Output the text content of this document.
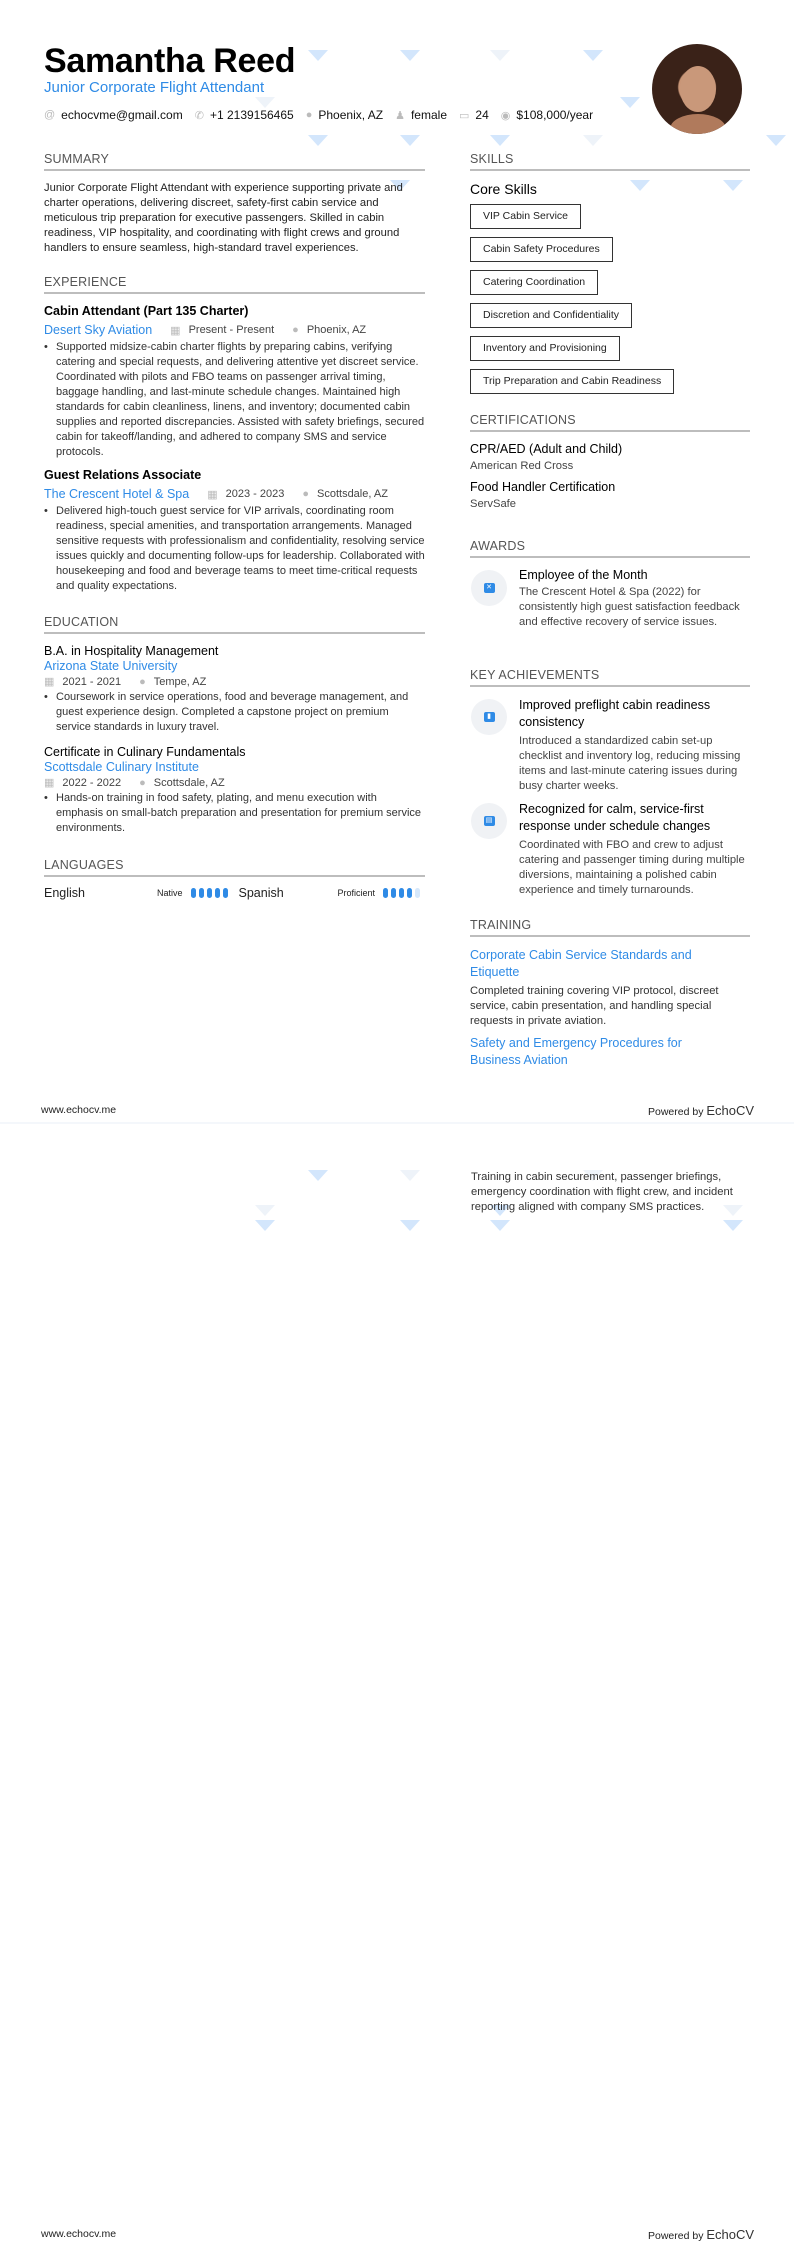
Samantha Reed
Junior Corporate Flight Attendant
@ echocvme@gmail.com ✆ +1 2139156465 ● Phoenix, AZ ♟ female ▭ 24 ◉ $108,000/year
SUMMARY
Junior Corporate Flight Attendant with experience supporting private and charter operations, delivering discreet, safety-first cabin service and meticulous trip preparation for executive passengers. Skilled in cabin readiness, VIP hospitality, and coordinating with flight crews and ground handlers to ensure seamless, high-standard travel experiences.
EXPERIENCE
Cabin Attendant (Part 135 Charter)
Desert Sky Aviation ▦ Present - Present ● Phoenix, AZ
• Supported midsize-cabin charter flights by preparing cabins, verifying catering and special requests, and delivering attentive yet discreet service. Coordinated with pilots and FBO teams on passenger arrival timing, baggage handling, and last-minute schedule changes. Maintained high standards for cabin cleanliness, linens, and inventory; documented cabin supplies and reported discrepancies. Assisted with safety briefings, secured cabin for takeoff/landing, and adhered to company SMS and service protocols.
Guest Relations Associate
The Crescent Hotel & Spa ▦ 2023 - 2023 ● Scottsdale, AZ
• Delivered high-touch guest service for VIP arrivals, coordinating room readiness, special amenities, and transportation arrangements. Managed sensitive requests with professionalism and confidentiality, resolving service issues quickly and documenting follow-ups for leadership. Collaborated with housekeeping and food and beverage teams to meet time-critical requests and quality expectations.
EDUCATION
B.A. in Hospitality Management
Arizona State University
▦ 2021 - 2021 ● Tempe, AZ
• Coursework in service operations, food and beverage management, and guest experience design. Completed a capstone project on premium service standards in luxury travel.
Certificate in Culinary Fundamentals
Scottsdale Culinary Institute
▦ 2022 - 2022 ● Scottsdale, AZ
• Hands-on training in food safety, plating, and menu execution with emphasis on small-batch preparation and presentation for premium service environments.
LANGUAGES
English	Native	Spanish	Proficient
SKILLS
Core Skills
VIP Cabin Service
Cabin Safety Procedures
Catering Coordination
Discretion and Confidentiality
Inventory and Provisioning
Trip Preparation and Cabin Readiness
CERTIFICATIONS
CPR/AED (Adult and Child)
American Red Cross
Food Handler Certification
ServSafe
AWARDS
✕
Employee of the Month
The Crescent Hotel & Spa (2022) for consistently high guest satisfaction feedback and effective recovery of service issues.
KEY ACHIEVEMENTS
▮
Improved preflight cabin readiness consistency
Introduced a standardized cabin set-up checklist and inventory log, reducing missing items and last-minute catering issues during busy charter weeks.
▤
Recognized for calm, service-first response under schedule changes
Coordinated with FBO and crew to adjust catering and passenger timing during multiple diversions, maintaining a polished cabin experience and timely turnarounds.
TRAINING
Corporate Cabin Service Standards and Etiquette
Completed training covering VIP protocol, discreet service, cabin presentation, and handling special requests in private aviation.
Safety and Emergency Procedures for Business Aviation
www.echocv.me	Powered by EchoCV
Training in cabin securement, passenger briefings, emergency coordination with flight crew, and incident reporting aligned with company SMS practices.
www.echocv.me	Powered by EchoCV
